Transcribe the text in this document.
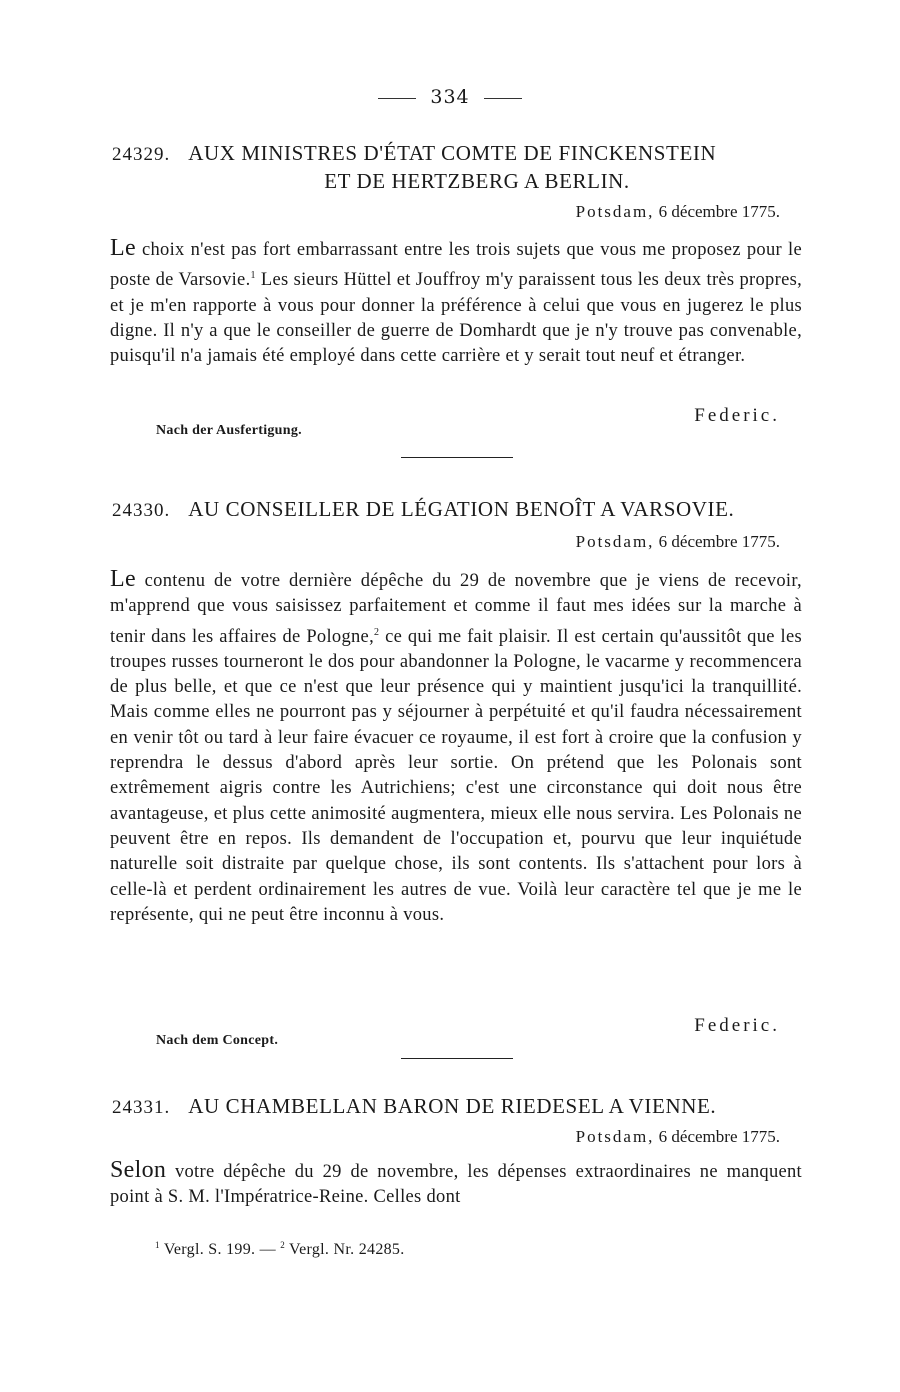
334
24329. AUX MINISTRES D'ÉTAT COMTE DE FINCKENSTEIN
ET DE HERTZBERG A BERLIN.
Potsdam, 6 décembre 1775.
Le choix n'est pas fort embarrassant entre les trois sujets que vous me proposez pour le poste de Varsovie.$^1$ Les sieurs Hüttel et Jouffroy m'y paraissent tous les deux très propres, et je m'en rapporte à vous pour donner la préférence à celui que vous en jugerez le plus digne. Il n'y a que le conseiller de guerre de Domhardt que je n'y trouve pas convenable, puisqu'il n'a jamais été employé dans cette carrière et y serait tout neuf et étranger.
Federic.
Nach der Ausfertigung.
24330. AU CONSEILLER DE LÉGATION BENOÎT A VARSOVIE.
Potsdam, 6 décembre 1775.
Le contenu de votre dernière dépêche du 29 de novembre que je viens de recevoir, m'apprend que vous saisissez parfaitement et comme il faut mes idées sur la marche à tenir dans les affaires de Pologne,$^2$ ce qui me fait plaisir. Il est certain qu'aussitôt que les troupes russes tourneront le dos pour abandonner la Pologne, le vacarme y recommencera de plus belle, et que ce n'est que leur présence qui y maintient jusqu'ici la tranquillité. Mais comme elles ne pourront pas y séjourner à perpétuité et qu'il faudra nécessairement en venir tôt ou tard à leur faire évacuer ce royaume, il est fort à croire que la confusion y reprendra le dessus d'abord après leur sortie. On prétend que les Polonais sont extrêmement aigris contre les Autrichiens; c'est une circonstance qui doit nous être avantageuse, et plus cette animosité augmentera, mieux elle nous servira. Les Polonais ne peuvent être en repos. Ils demandent de l'occupation et, pourvu que leur inquiétude naturelle soit distraite par quelque chose, ils sont contents. Ils s'attachent pour lors à celle-là et perdent ordinairement les autres de vue. Voilà leur caractère tel que je me le représente, qui ne peut être inconnu à vous.
Federic.
Nach dem Concept.
24331. AU CHAMBELLAN BARON DE RIEDESEL A VIENNE.
Potsdam, 6 décembre 1775.
Selon votre dépêche du 29 de novembre, les dépenses extraordinaires ne manquent point à S. M. l'Impératrice-Reine. Celles dont
$^1$ Vergl. S. 199. — $^2$ Vergl. Nr. 24285.
